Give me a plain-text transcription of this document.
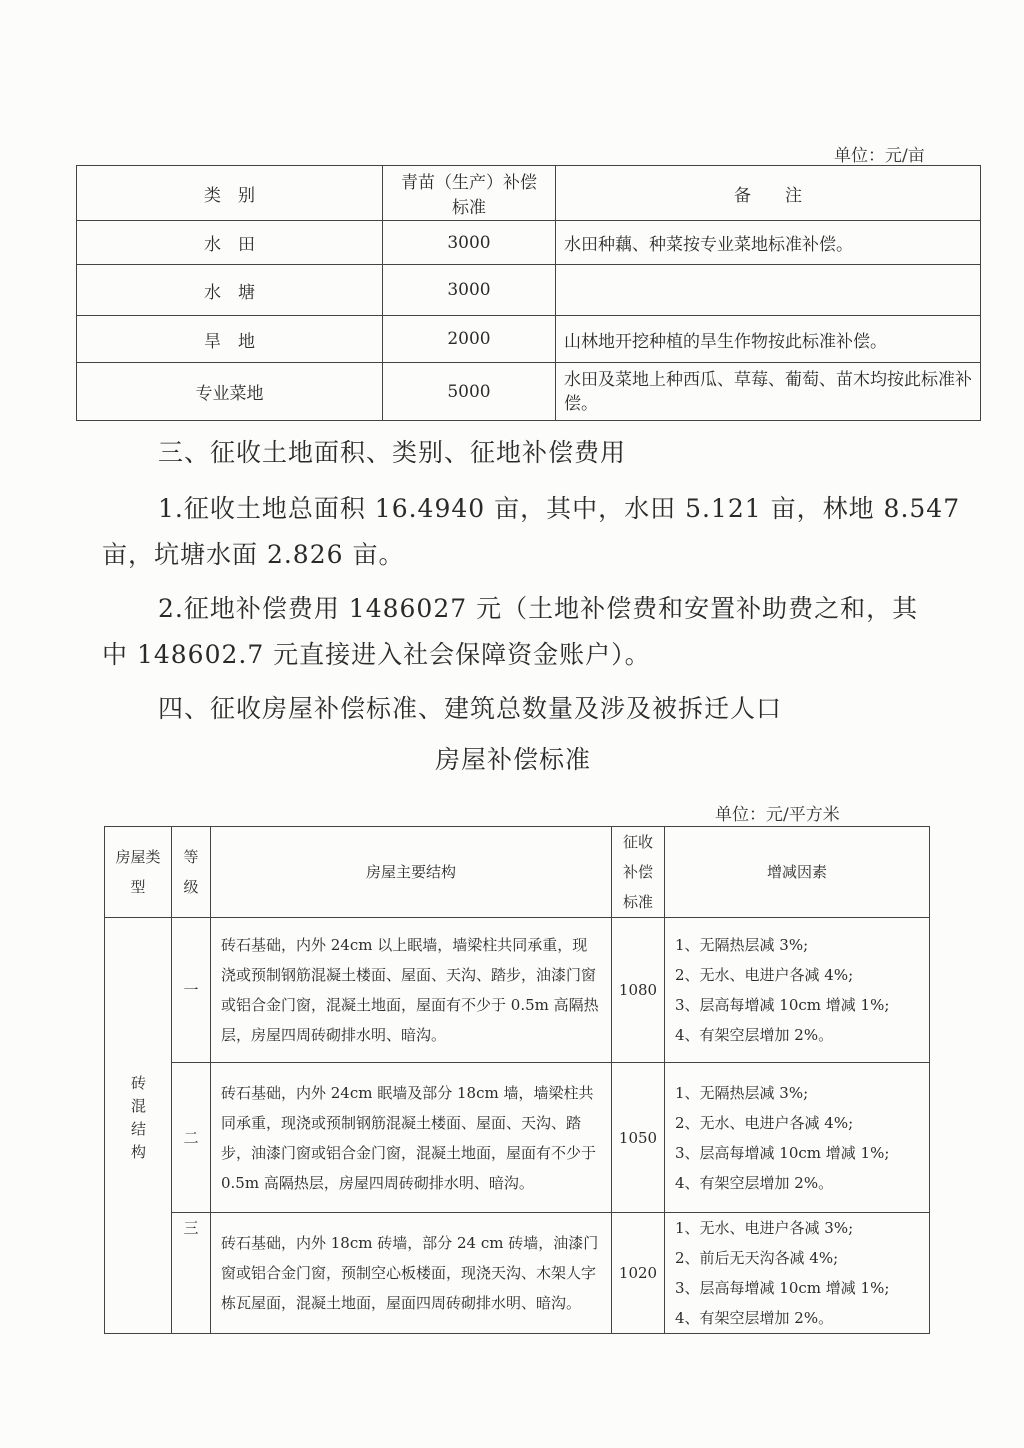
单位：元/亩
类　别	青苗（生产）补偿标准	备　　注
水　田	3000	水田种藕、种菜按专业菜地标准补偿。
水　塘	3000	
旱　地	2000	山林地开挖种植的旱生作物按此标准补偿。
专业菜地	5000	水田及菜地上种西瓜、草莓、葡萄、苗木均按此标准补偿。
三、征收土地面积、类别、征地补偿费用
1.征收土地总面积 16.4940 亩，其中，水田 5.121 亩，林地 8.547
亩，坑塘水面 2.826 亩。
2.征地补偿费用 1486027 元（土地补偿费和安置补助费之和，其
中 148602.7 元直接进入社会保障资金账户）。
四、征收房屋补偿标准、建筑总数量及涉及被拆迁人口
房屋补偿标准
单位：元/平方米
房屋类型	等级	房屋主要结构	征收补偿标准	增减因素
砖混结构	一	砖石基础，内外 24cm 以上眠墙，墙梁柱共同承重，现浇或预制钢筋混凝土楼面、屋面、天沟、踏步，油漆门窗或铝合金门窗，混凝土地面，屋面有不少于 0.5m 高隔热层，房屋四周砖砌排水明、暗沟。	1080	1、无隔热层减 3%;
2、无水、电进户各减 4%;
3、层高每增减 10cm 增减 1%;
4、有架空层增加 2%。

	二	砖石基础，内外 24cm 眠墙及部分 18cm 墙，墙梁柱共同承重，现浇或预制钢筋混凝土楼面、屋面、天沟、踏步，油漆门窗或铝合金门窗，混凝土地面，屋面有不少于 0.5m 高隔热层，房屋四周砖砌排水明、暗沟。	1050	1、无隔热层减 3%;
2、无水、电进户各减 4%;
3、层高每增减 10cm 增减 1%;
4、有架空层增加 2%。

	三	砖石基础，内外 18cm 砖墙，部分 24 cm 砖墙，油漆门窗或铝合金门窗，预制空心板楼面，现浇天沟、木架人字栋瓦屋面，混凝土地面，屋面四周砖砌排水明、暗沟。	1020	1、无水、电进户各减 3%;
2、前后无天沟各减 4%;
3、层高每增减 10cm 增减 1%;
4、有架空层增加 2%。
